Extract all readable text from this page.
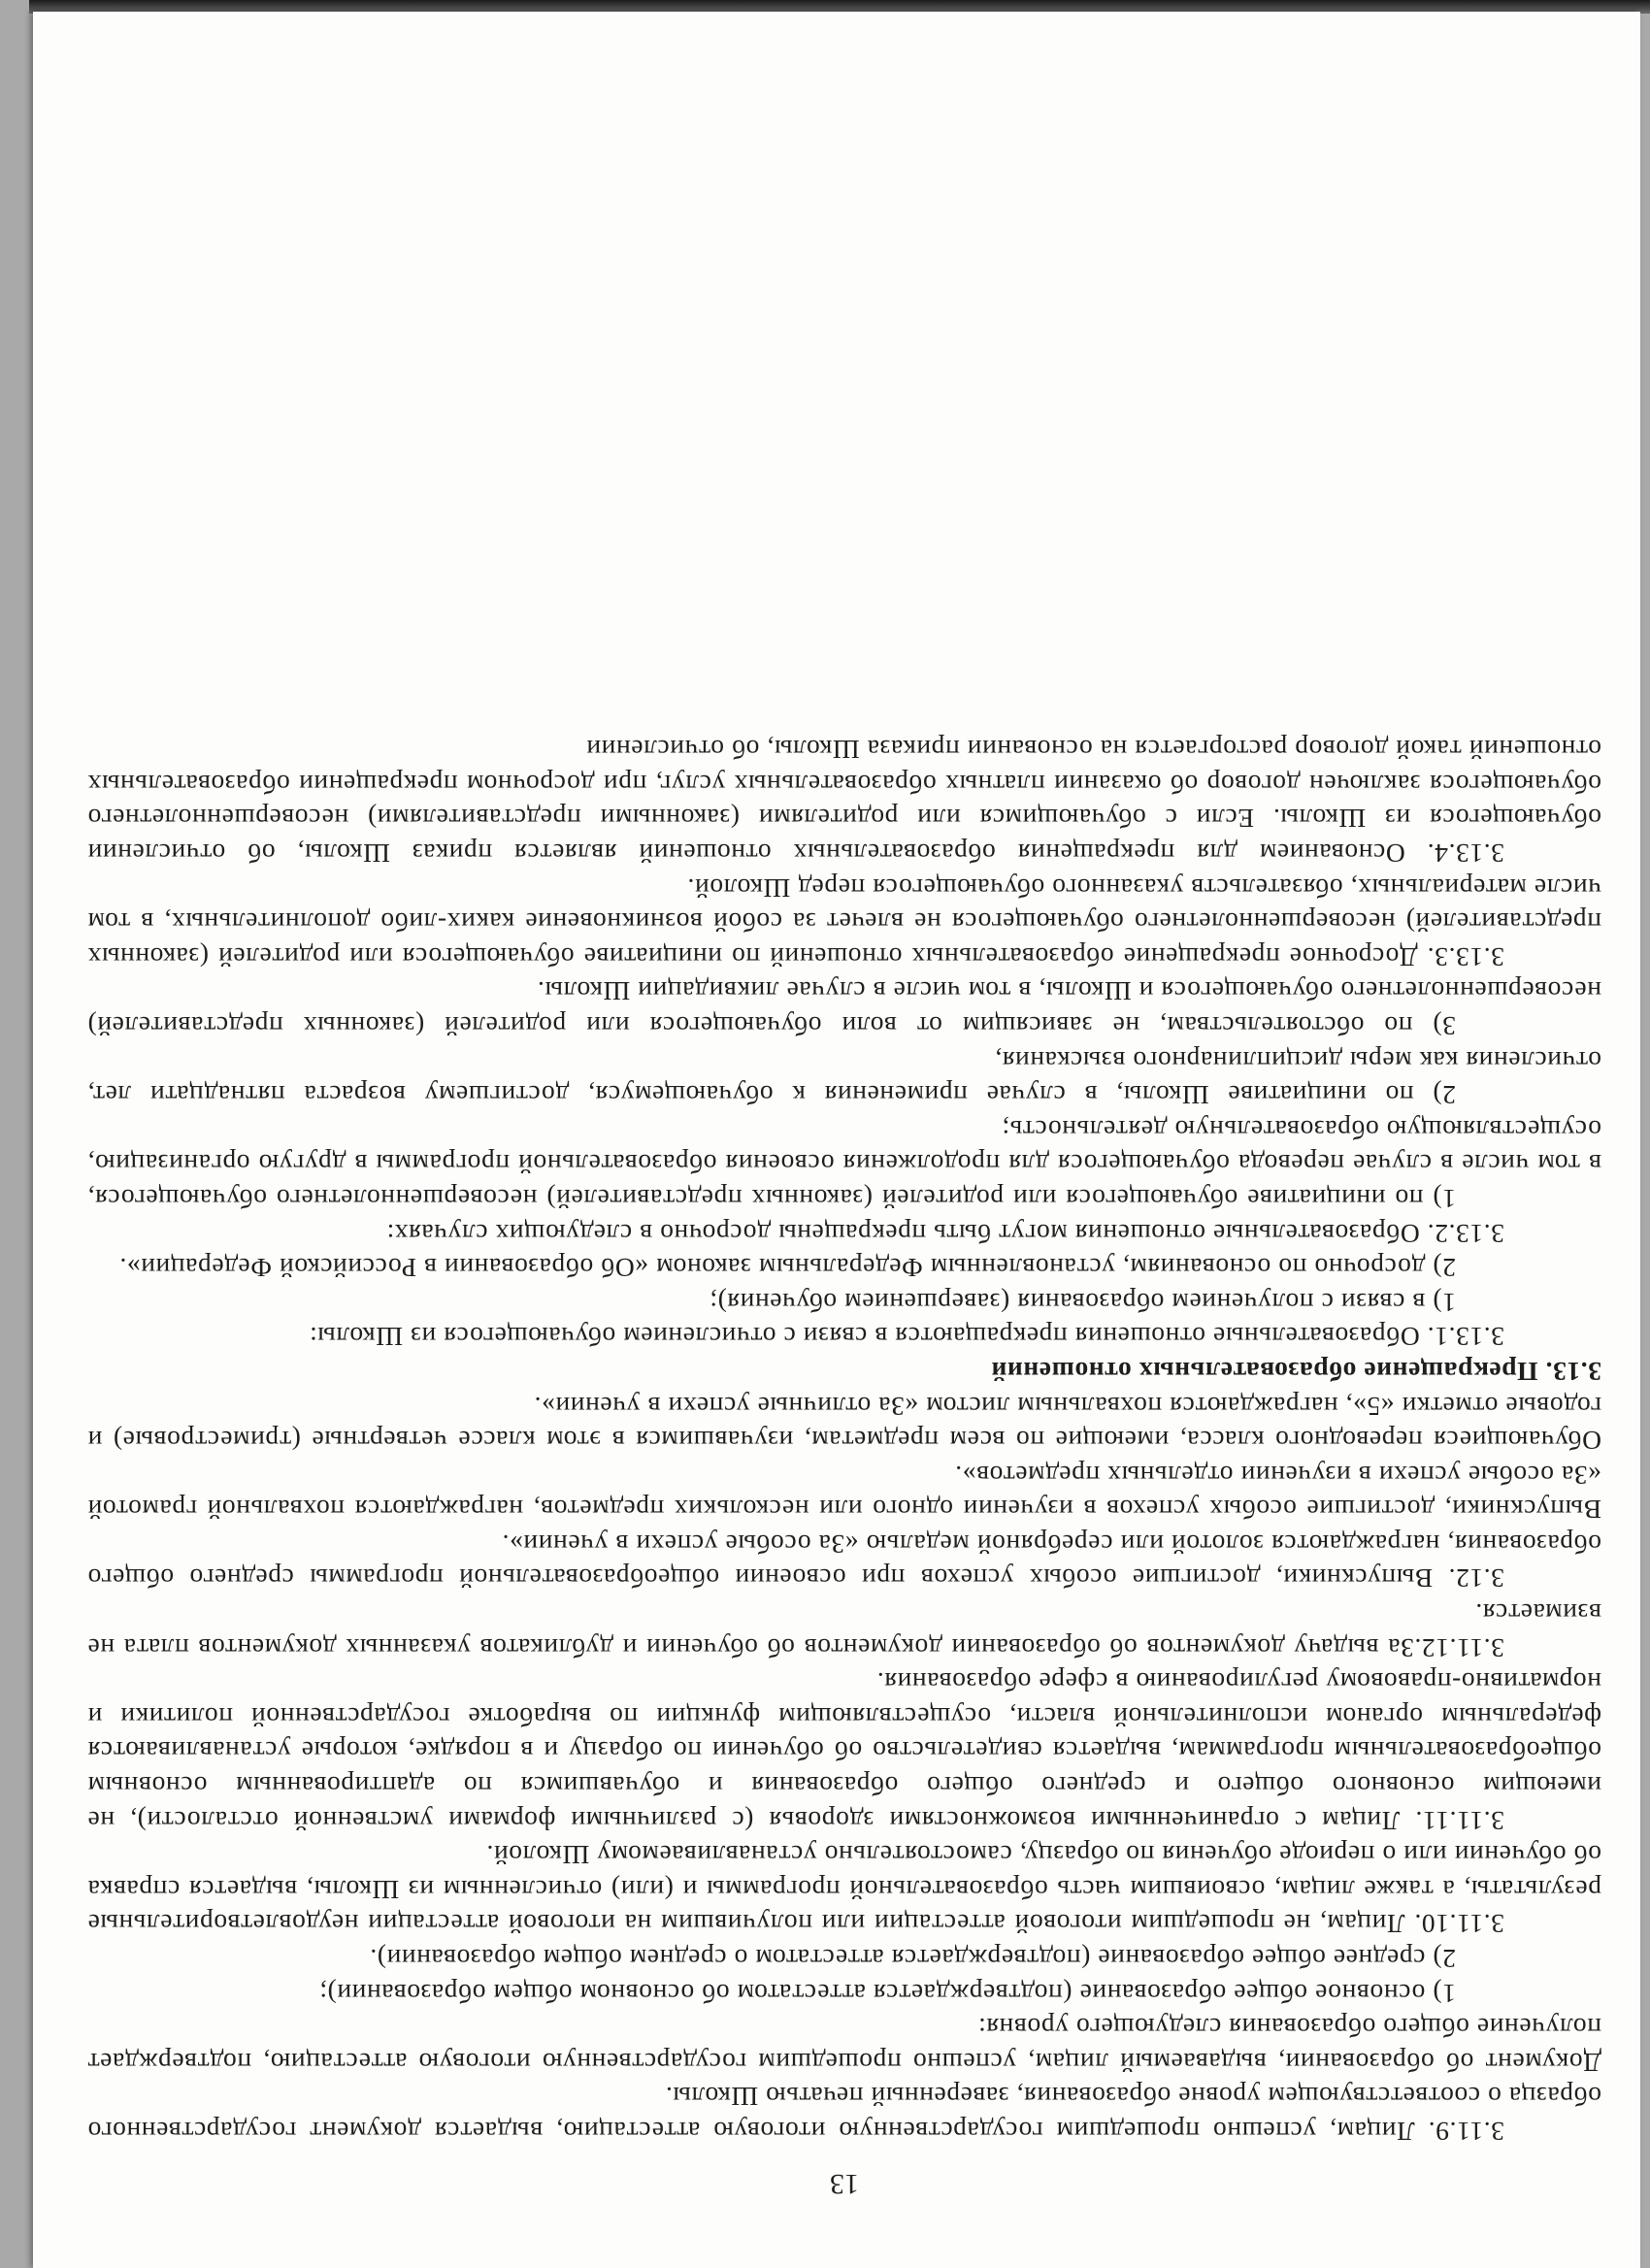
13

3.11.9. Лицам, успешно прошедшим государственную итоговую аттестацию, выдается документ государственного образца о соответствующем уровне образования, заверенный печатью Школы.

Документ об образовании, выдаваемый лицам, успешно прошедшим государственную итоговую аттестацию, подтверждает получение общего образования следующего уровня:

1) основное общее образование (подтверждается аттестатом об основном общем образовании);

2) среднее общее образование (подтверждается аттестатом о среднем общем образовании).

3.11.10. Лицам, не прошедшим итоговой аттестации или получившим на итоговой аттестации неудовлетворительные результаты, а также лицам, освоившим часть образовательной программы и (или) отчисленным из Школы, выдается справка об обучении или о периоде обучения по образцу, самостоятельно устанавливаемому Школой.

3.11.11. Лицам с ограниченными возможностями здоровья (с различными формами умственной отсталости), не имеющим основного общего и среднего общего образования и обучавшимся по адаптированным основным общеобразовательным программам, выдается свидетельство об обучении по образцу и в порядке, которые устанавливаются федеральным органом исполнительной власти, осуществляющим функции по выработке государственной политики и нормативно-правовому регулированию в сфере образования.

3.11.12.За выдачу документов об образовании документов об обучении и дубликатов указанных документов плата не взимается.

3.12. Выпускники, достигшие особых успехов при освоении общеобразовательной программы среднего общего образования, награждаются золотой или серебряной медалью «За особые успехи в учении».

Выпускники, достигшие особых успехов в изучении одного или нескольких предметов, награждаются похвальной грамотой «За особые успехи в изучении отдельных предметов».

Обучающиеся переводного класса, имеющие по всем предметам, изучавшимся в этом классе четвертные (триместровые) и годовые отметки «5», награждаются похвальным листом «За отличные успехи в учении».

3.13. Прекращение образовательных отношений

3.13.1. Образовательные отношения прекращаются в связи с отчислением обучающегося из Школы:

1) в связи с получением образования (завершением обучения);

2) досрочно по основаниям, установленным Федеральным законом «Об образовании в Российской Федерации».

3.13.2. Образовательные отношения могут быть прекращены досрочно в следующих случаях:

1) по инициативе обучающегося или родителей (законных представителей) несовершеннолетнего обучающегося, в том числе в случае перевода обучающегося для продолжения освоения образовательной программы в другую организацию, осуществляющую образовательную деятельность;

2) по инициативе Школы, в случае применения к обучающемуся, достигшему возраста пятнадцати лет, отчисления как меры дисциплинарного взыскания,

3) по обстоятельствам, не зависящим от воли обучающегося или родителей (законных представителей) несовершеннолетнего обучающегося и Школы, в том числе в случае ликвидации Школы.

3.13.3. Досрочное прекращение образовательных отношений по инициативе обучающегося или родителей (законных представителей) несовершеннолетнего обучающегося не влечет за собой возникновение каких-либо дополнительных, в том числе материальных, обязательств указанного обучающегося перед Школой.

3.13.4. Основанием для прекращения образовательных отношений является приказ Школы, об отчислении обучающегося из Школы. Если с обучающимся или родителями (законными представителями) несовершеннолетнего обучающегося заключен договор об оказании платных образовательных услуг, при досрочном прекращении образовательных отношений такой договор расторгается на основании приказа Школы, об отчислении
